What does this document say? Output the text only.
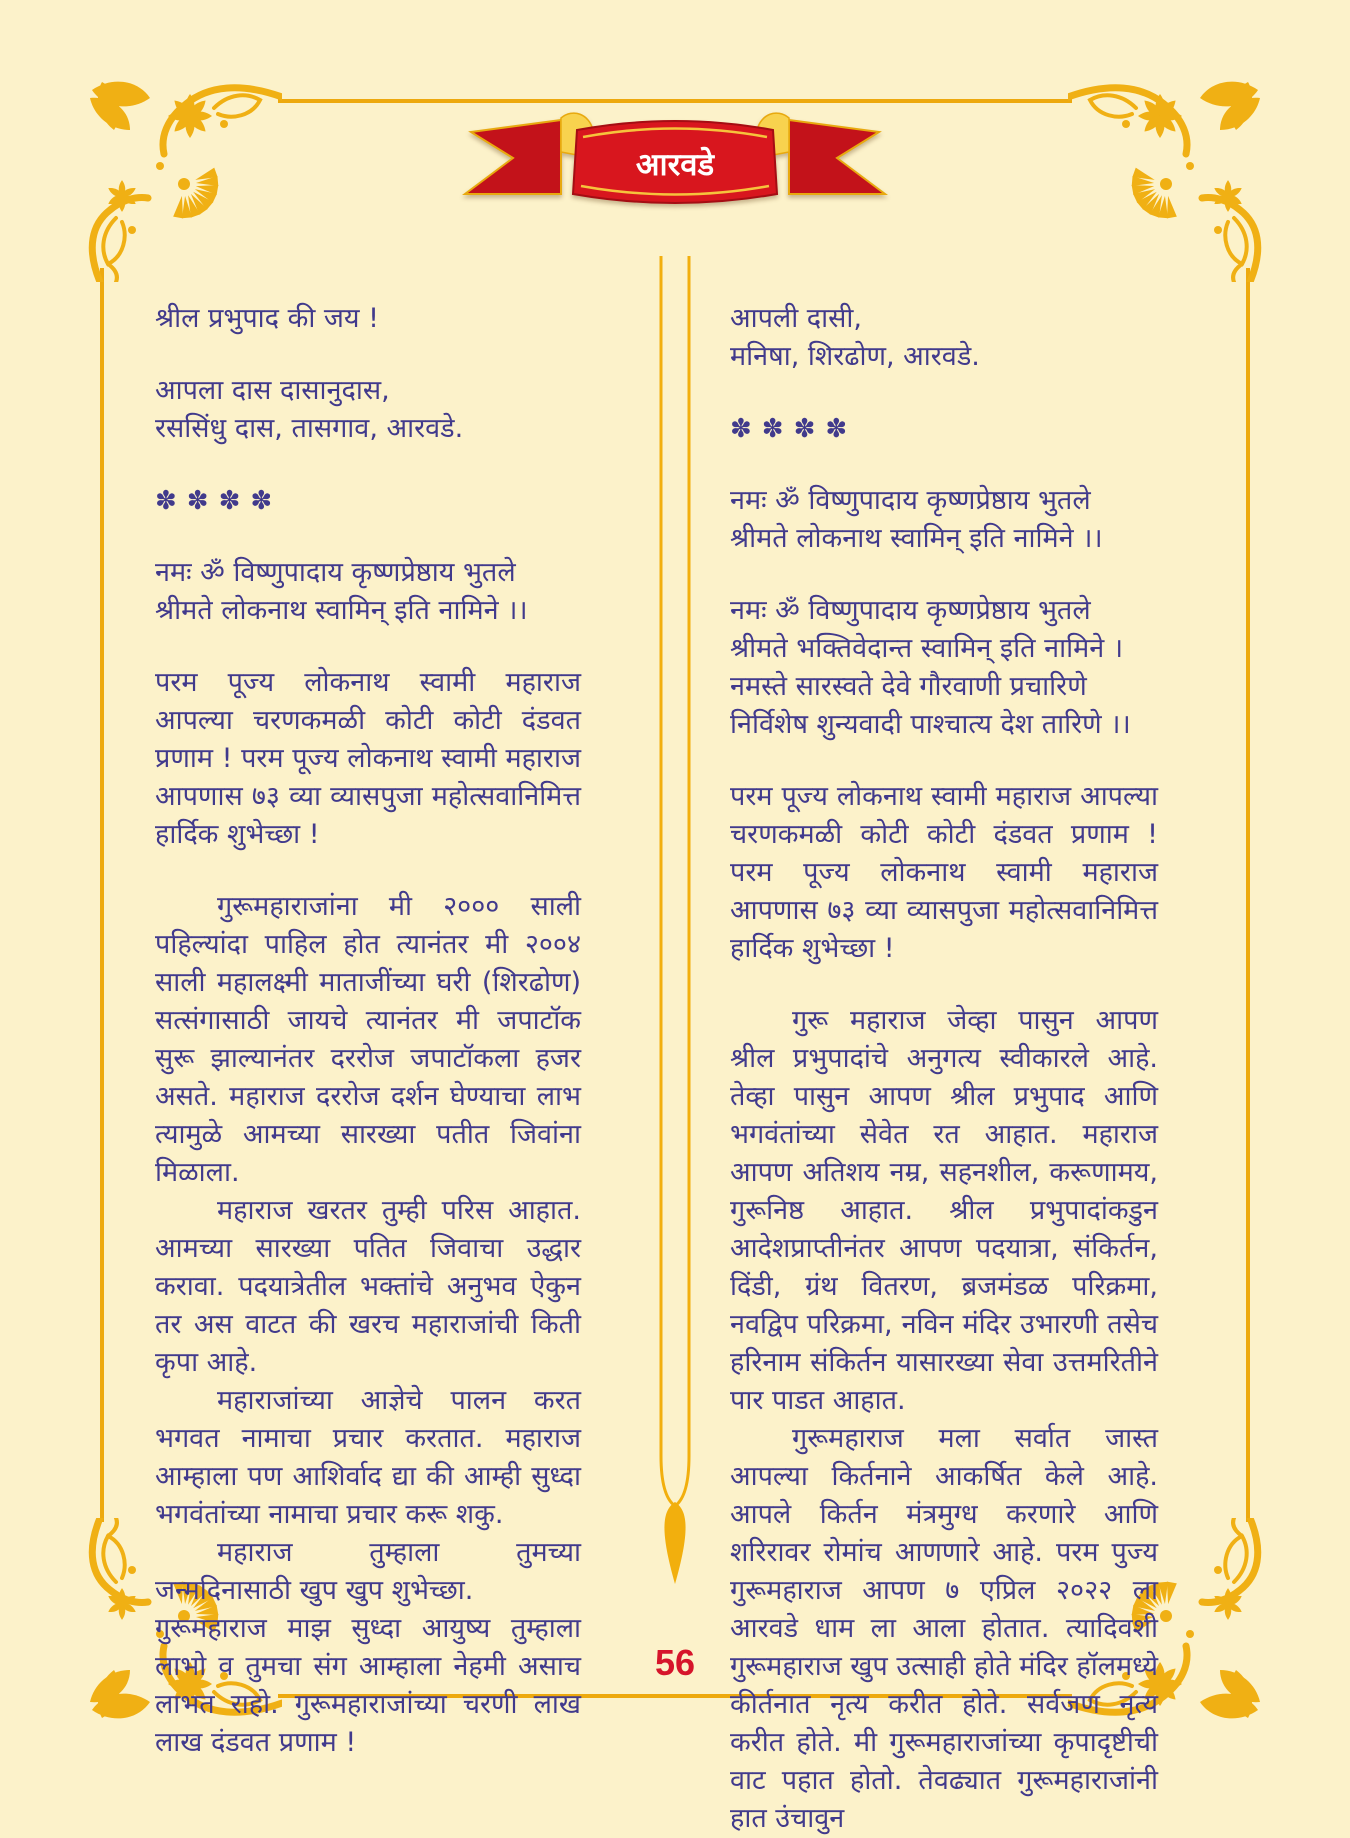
आरवडे
श्रील प्रभुपाद की जय !
आपला दास दासानुदास,
रससिंधु दास, तासगाव, आरवडे.
✽✽✽✽
नमः ॐ विष्णुपादाय कृष्णप्रेष्ठाय भुतले
श्रीमते लोकनाथ स्वामिन् इति नामिने ।।
परम पूज्य लोकनाथ स्वामी महाराज आपल्या चरणकमळी कोटी कोटी दंडवत प्रणाम ! परम पूज्य लोकनाथ स्वामी महाराज आपणास ७३ व्या व्यासपुजा महोत्सवानिमित्त हार्दिक शुभेच्छा !
गुरूमहाराजांना मी २००० साली पहिल्यांदा पाहिल होत त्यानंतर मी २००४ साली महालक्ष्मी माताजींच्या घरी (शिरढोण) सत्संगासाठी जायचे त्यानंतर मी जपाटॉक सुरू झाल्यानंतर दररोज जपाटॉकला हजर असते. महाराज दररोज दर्शन घेण्याचा लाभ त्यामुळे आमच्या सारख्या पतीत जिवांना मिळाला.
महाराज खरतर तुम्ही परिस आहात. आमच्या सारख्या पतित जिवाचा उद्धार करावा. पदयात्रेतील भक्तांचे अनुभव ऐकुन तर अस वाटत की खरच महाराजांची किती कृपा आहे.
महाराजांच्या आज्ञेचे पालन करत भगवत नामाचा प्रचार करतात. महाराज आम्हाला पण आशिर्वाद द्या की आम्ही सुध्दा भगवंतांच्या नामाचा प्रचार करू शकु.
महाराज तुम्हाला तुमच्या जन्मदिनासाठी खुप खुप शुभेच्छा.
गुरूमहाराज माझ सुध्दा आयुष्य तुम्हाला लाभो व तुमचा संग आम्हाला नेहमी असाच लाभत राहो. गुरूमहाराजांच्या चरणी लाख लाख दंडवत प्रणाम !
आपली दासी,
मनिषा, शिरढोण, आरवडे.
✽✽✽✽
नमः ॐ विष्णुपादाय कृष्णप्रेष्ठाय भुतले
श्रीमते लोकनाथ स्वामिन् इति नामिने ।।
नमः ॐ विष्णुपादाय कृष्णप्रेष्ठाय भुतले
श्रीमते भक्तिवेदान्त स्वामिन् इति नामिने ।
नमस्ते सारस्वते देवे गौरवाणी प्रचारिणे
निर्विशेष शुन्यवादी पाश्चात्य देश तारिणे ।।
परम पूज्य लोकनाथ स्वामी महाराज आपल्या चरणकमळी कोटी कोटी दंडवत प्रणाम ! परम पूज्य लोकनाथ स्वामी महाराज आपणास ७३ व्या व्यासपुजा महोत्सवानिमित्त हार्दिक शुभेच्छा !
गुरू महाराज जेव्हा पासुन आपण श्रील प्रभुपादांचे अनुगत्य स्वीकारले आहे. तेव्हा पासुन आपण श्रील प्रभुपाद आणि भगवंतांच्या सेवेत रत आहात. महाराज आपण अतिशय नम्र, सहनशील, करूणामय, गुरूनिष्ठ आहात. श्रील प्रभुपादांकडुन आदेशप्राप्तीनंतर आपण पदयात्रा, संकिर्तन, दिंडी, ग्रंथ वितरण, ब्रजमंडळ परिक्रमा, नवद्विप परिक्रमा, नविन मंदिर उभारणी तसेच हरिनाम संकिर्तन यासारख्या सेवा उत्तमरितीने पार पाडत आहात.
गुरूमहाराज मला सर्वात जास्त आपल्या किर्तनाने आकर्षित केले आहे. आपले किर्तन मंत्रमुग्ध करणारे आणि शरिरावर रोमांच आणणारे आहे. परम पुज्य गुरूमहाराज आपण ७ एप्रिल २०२२ ला आरवडे धाम ला आला होतात. त्यादिवशी गुरूमहाराज खुप उत्साही होते मंदिर हॉलमध्ये कीर्तनात नृत्य करीत होते. सर्वजण नृत्य करीत होते. मी गुरूमहाराजांच्या कृपादृष्टीची वाट पहात होतो. तेवढ्यात गुरूमहाराजांनी हात उंचावुन
56
